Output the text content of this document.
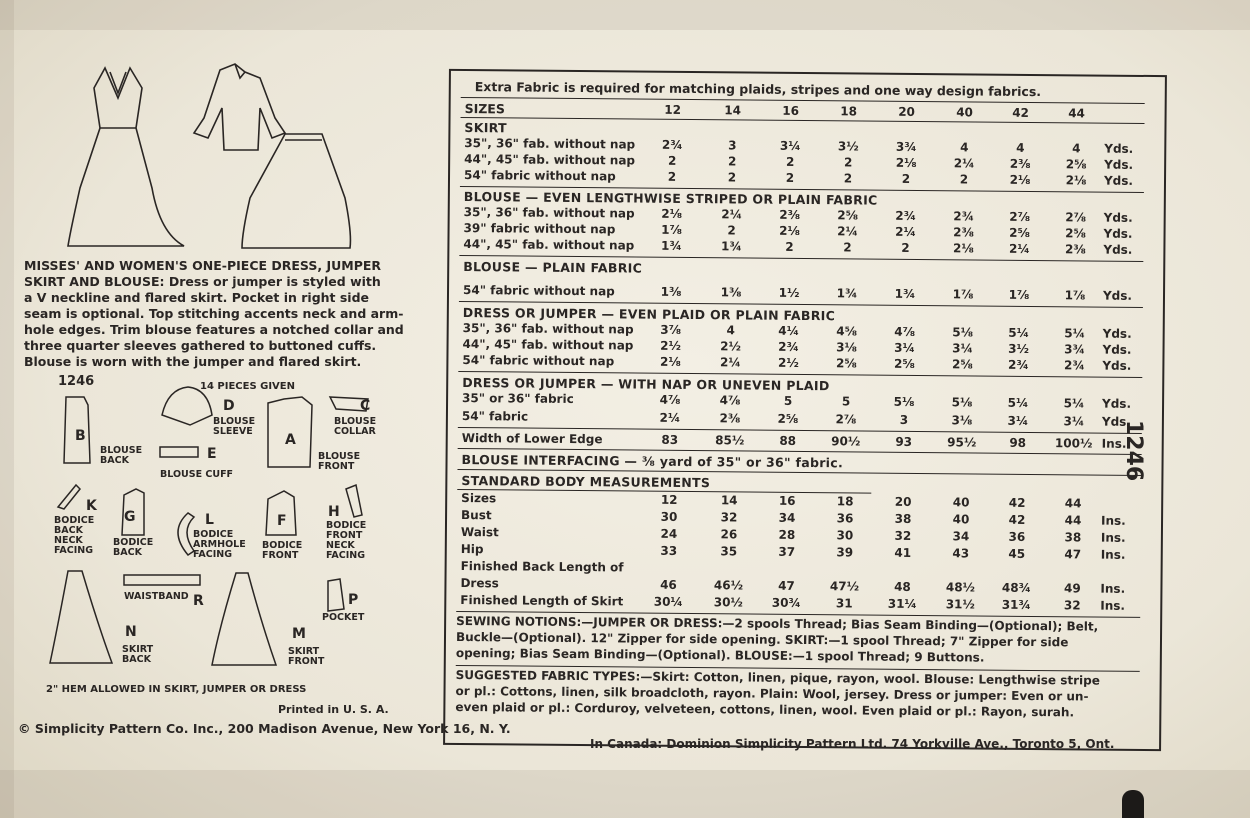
MISSES' AND WOMEN'S ONE-PIECE DRESS, JUMPER
SKIRT AND BLOUSE: Dress or jumper is styled with
a V neckline and flared skirt. Pocket in right side
seam is optional. Top stitching accents neck and arm-
hole edges. Trim blouse features a notched collar and
three quarter sleeves gathered to buttoned cuffs.
Blouse is worn with the jumper and flared skirt.
1246	14 PIECES GIVEN
B
BLOUSE
BACK
D
BLOUSE
SLEEVE
C
BLOUSE
COLLAR
A
BLOUSE
FRONT
E
BLOUSE CUFF
K
BODICE
BACK
NECK
FACING
G
BODICE
BACK
L
BODICE
ARMHOLE
FACING
F
BODICE
FRONT
H
BODICE
FRONT
NECK
FACING
R
WAISTBAND	P
POCKET
N
SKIRT
BACK
M
SKIRT
FRONT
2" HEM ALLOWED IN SKIRT, JUMPER OR DRESS
Printed in U. S. A.
© Simplicity Pattern Co. Inc., 200 Madison Avenue, New York 16, N. Y.
In Canada: Dominion Simplicity Pattern Ltd. 74 Yorkville Ave., Toronto 5, Ont.
1246
Extra Fabric is required for matching plaids, stripes and one way design fabrics.
SIZES	12	14	16	18	20	40	42	44
SKIRT
35", 36" fab. without nap	2¾	3	3¼	3½	3¾	4	4	4	Yds.
44", 45" fab. without nap	2	2	2	2	2⅛	2¼	2⅜	2⅝	Yds.
54" fabric without nap	2	2	2	2	2	2	2⅛	2⅛	Yds.
BLOUSE — EVEN LENGTHWISE STRIPED OR PLAIN FABRIC
35", 36" fab. without nap	2⅛	2¼	2⅜	2⅝	2¾	2¾	2⅞	2⅞	Yds.
39" fabric without nap	1⅞	2	2⅛	2¼	2¼	2⅜	2⅝	2⅝	Yds.
44", 45" fab. without nap	1¾	1¾	2	2	2	2⅛	2¼	2⅜	Yds.
BLOUSE — PLAIN FABRIC
54" fabric without nap	1⅜	1⅜	1½	1¾	1¾	1⅞	1⅞	1⅞	Yds.
DRESS OR JUMPER — EVEN PLAID OR PLAIN FABRIC
35", 36" fab. without nap	3⅞	4	4¼	4⅝	4⅞	5⅛	5¼	5¼	Yds.
44", 45" fab. without nap	2½	2½	2¾	3⅛	3¼	3¼	3½	3¾	Yds.
54" fabric without nap	2⅛	2¼	2½	2⅝	2⅝	2⅝	2¾	2¾	Yds.
DRESS OR JUMPER — WITH NAP OR UNEVEN PLAID
35" or 36" fabric	4⅞	4⅞	5	5	5⅛	5⅛	5¼	5¼	Yds.
54" fabric	2¼	2⅜	2⅝	2⅞	3	3⅛	3¼	3¼	Yds.
Width of Lower Edge	83	85½	88	90½	93	95½	98	100½ Ins.
BLOUSE INTERFACING — ⅜ yard of 35" or 36" fabric.
STANDARD BODY MEASUREMENTS
Sizes	12	14	16	18	20	40	42	44
Bust	30	32	34	36	38	40	42	44	Ins.
Waist	24	26	28	30	32	34	36	38	Ins.
Hip	33	35	37	39	41	43	45	47	Ins.
Finished Back Length of
Dress	46	46½	47	47½	48	48½	48¾	49	Ins.
Finished Length of Skirt	30¼	30½	30¾	31	31¼	31½	31¾	32	Ins.
SEWING NOTIONS:—JUMPER OR DRESS:—2 spools Thread; Bias Seam Binding—(Optional); Belt,
Buckle—(Optional). 12" Zipper for side opening. SKIRT:—1 spool Thread; 7" Zipper for side
opening; Bias Seam Binding—(Optional). BLOUSE:—1 spool Thread; 9 Buttons.
SUGGESTED FABRIC TYPES:—Skirt: Cotton, linen, pique, rayon, wool. Blouse: Lengthwise stripe
or pl.: Cottons, linen, silk broadcloth, rayon. Plain: Wool, jersey. Dress or jumper: Even or un-
even plaid or pl.: Corduroy, velveteen, cottons, linen, wool. Even plaid or pl.: Rayon, surah.
